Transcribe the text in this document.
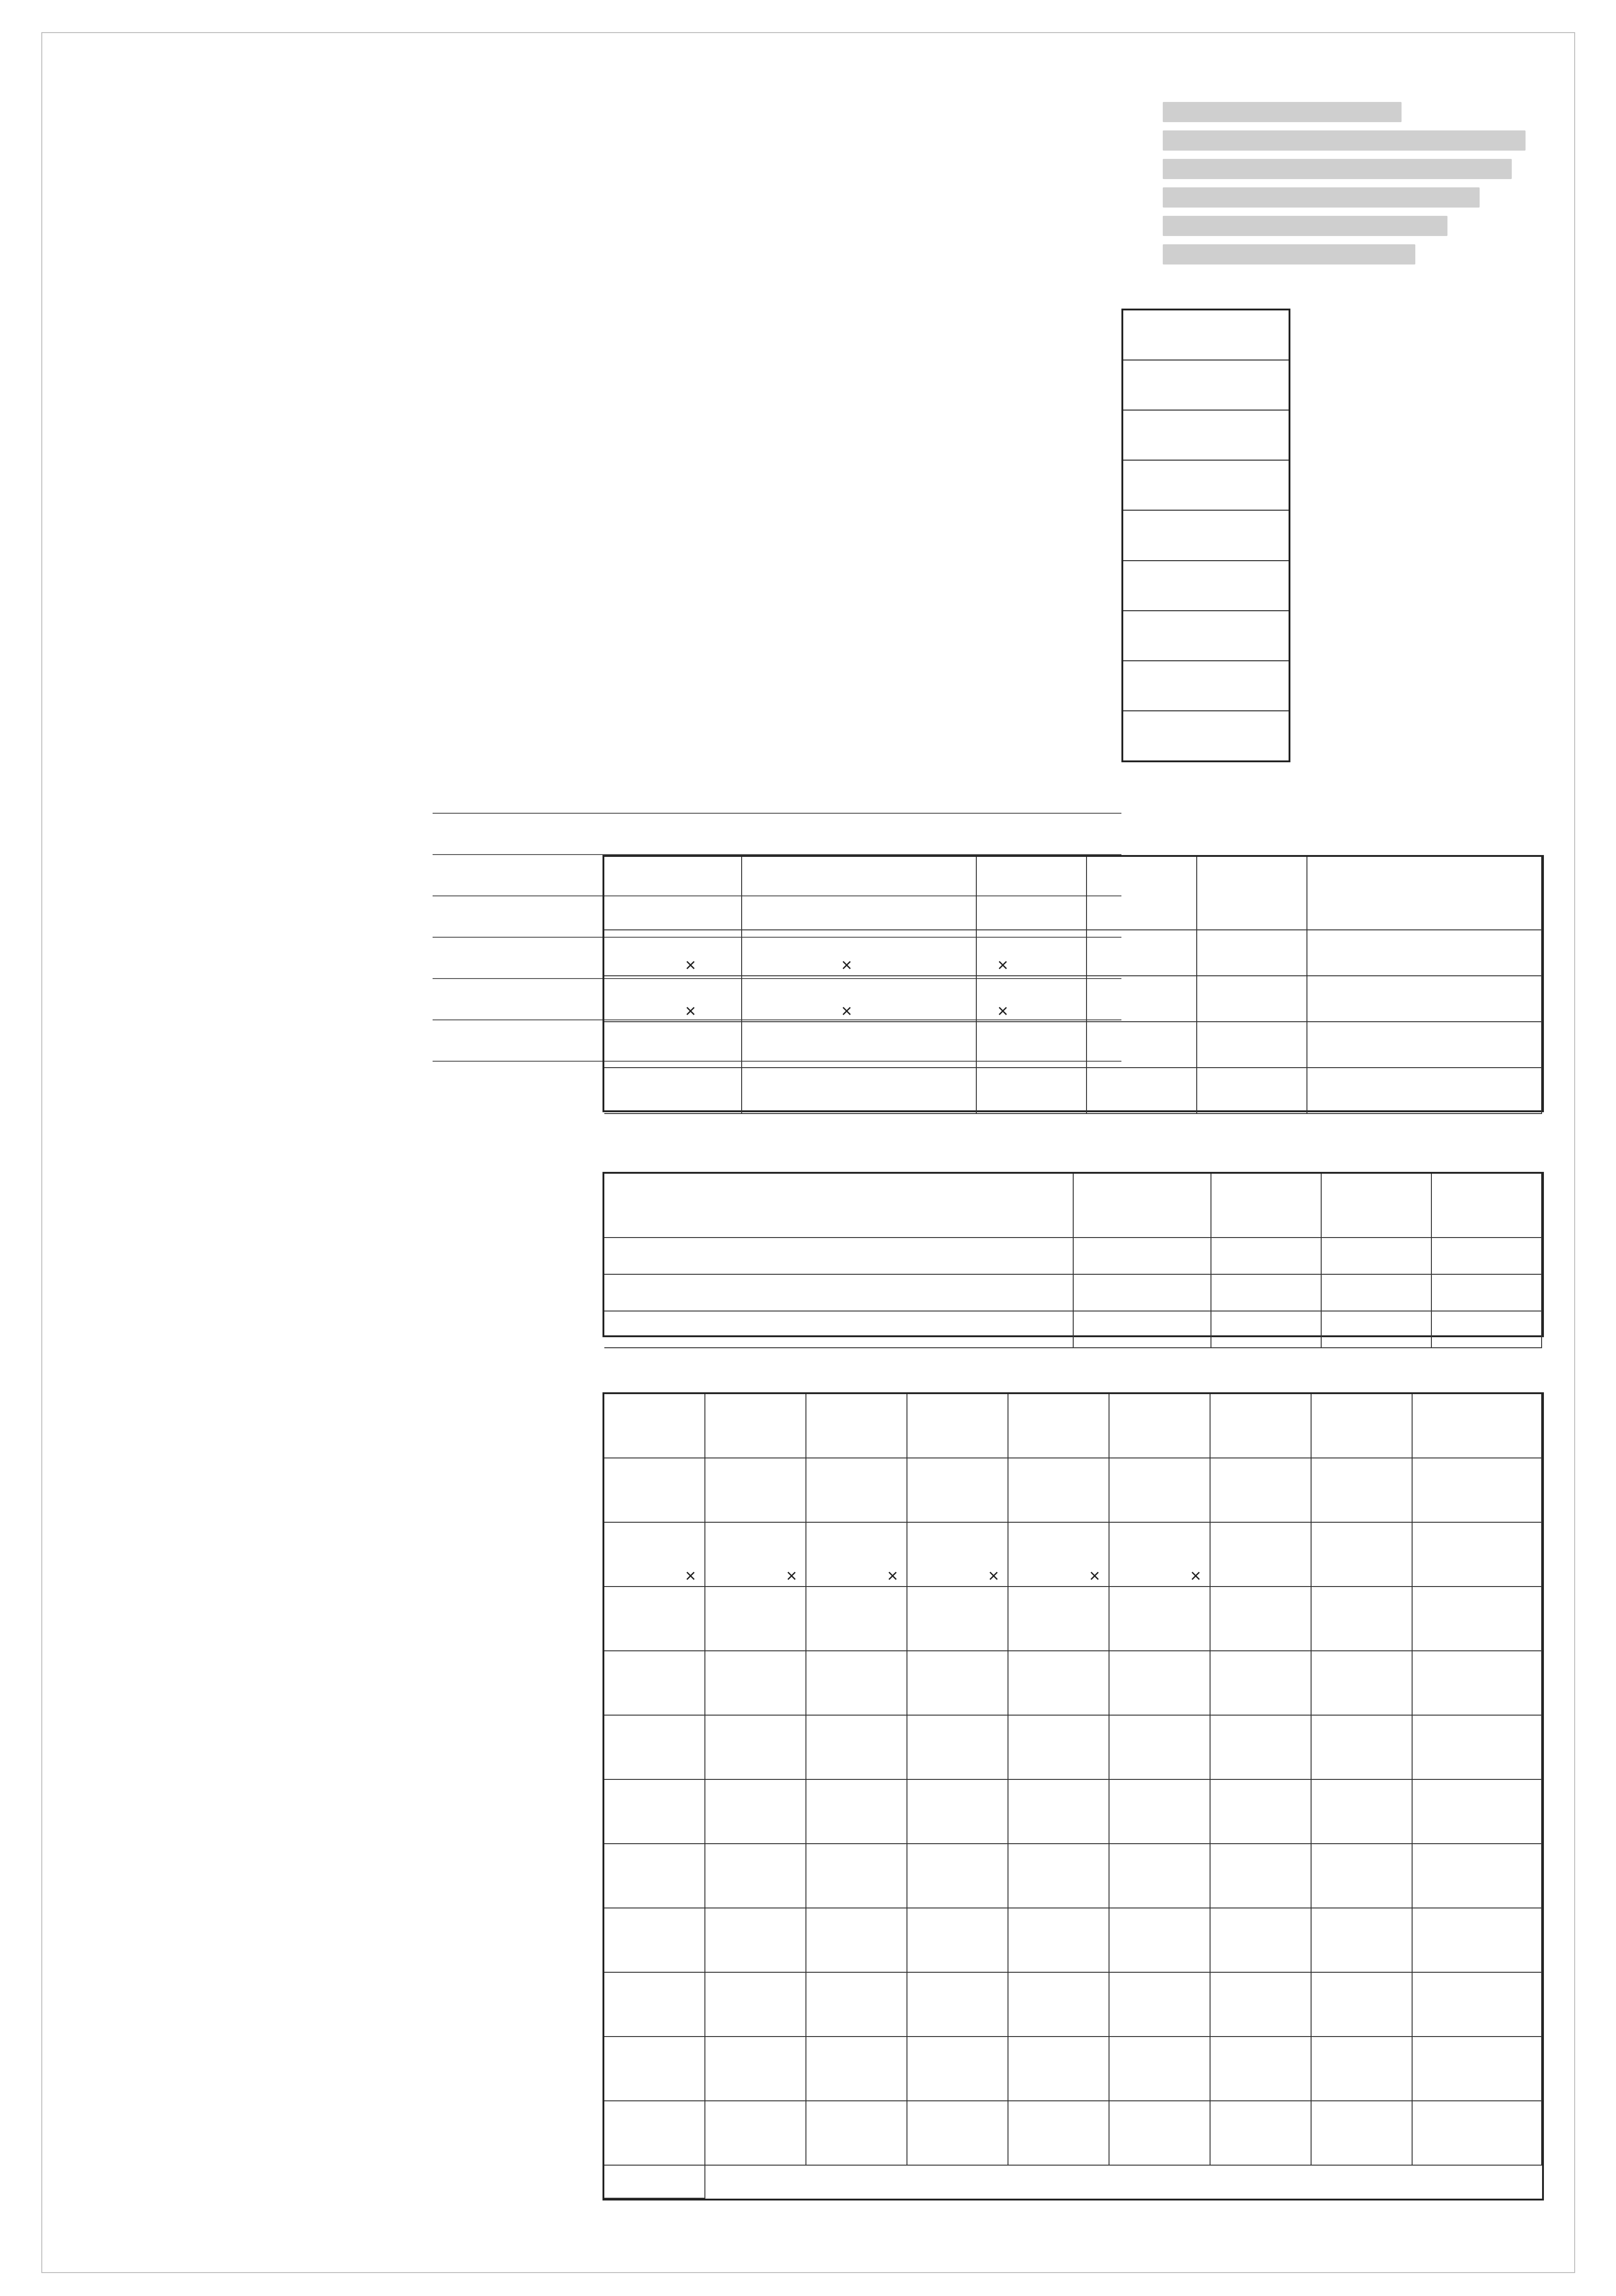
×	×	×
×	×	×
×	×	×	×	×	×
